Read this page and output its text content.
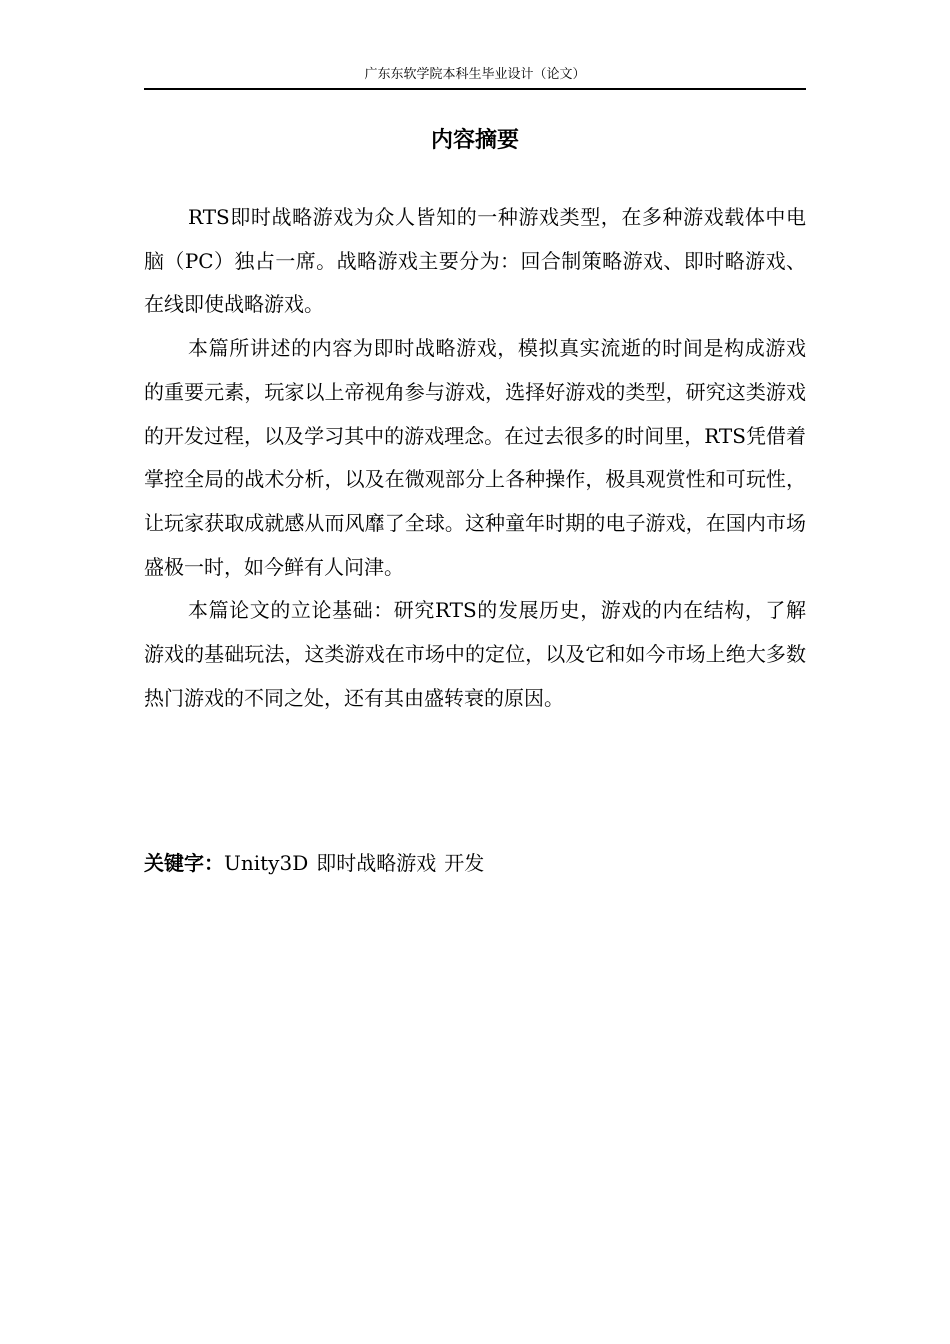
广东东软学院本科生毕业设计（论文）
内容摘要

RTS即时战略游戏为众人皆知的一种游戏类型，在多种游戏载体中电脑（PC）独占一席。战略游戏主要分为：回合制策略游戏、即时略游戏、在线即使战略游戏。

本篇所讲述的内容为即时战略游戏，模拟真实流逝的时间是构成游戏的重要元素，玩家以上帝视角参与游戏，选择好游戏的类型，研究这类游戏的开发过程，以及学习其中的游戏理念。在过去很多的时间里，RTS凭借着掌控全局的战术分析，以及在微观部分上各种操作，极具观赏性和可玩性，让玩家获取成就感从而风靡了全球。这种童年时期的电子游戏，在国内市场盛极一时，如今鲜有人问津。

本篇论文的立论基础：研究RTS的发展历史，游戏的内在结构，了解游戏的基础玩法，这类游戏在市场中的定位，以及它和如今市场上绝大多数热门游戏的不同之处，还有其由盛转衰的原因。

关键字：Unity3D 即时战略游戏 开发
